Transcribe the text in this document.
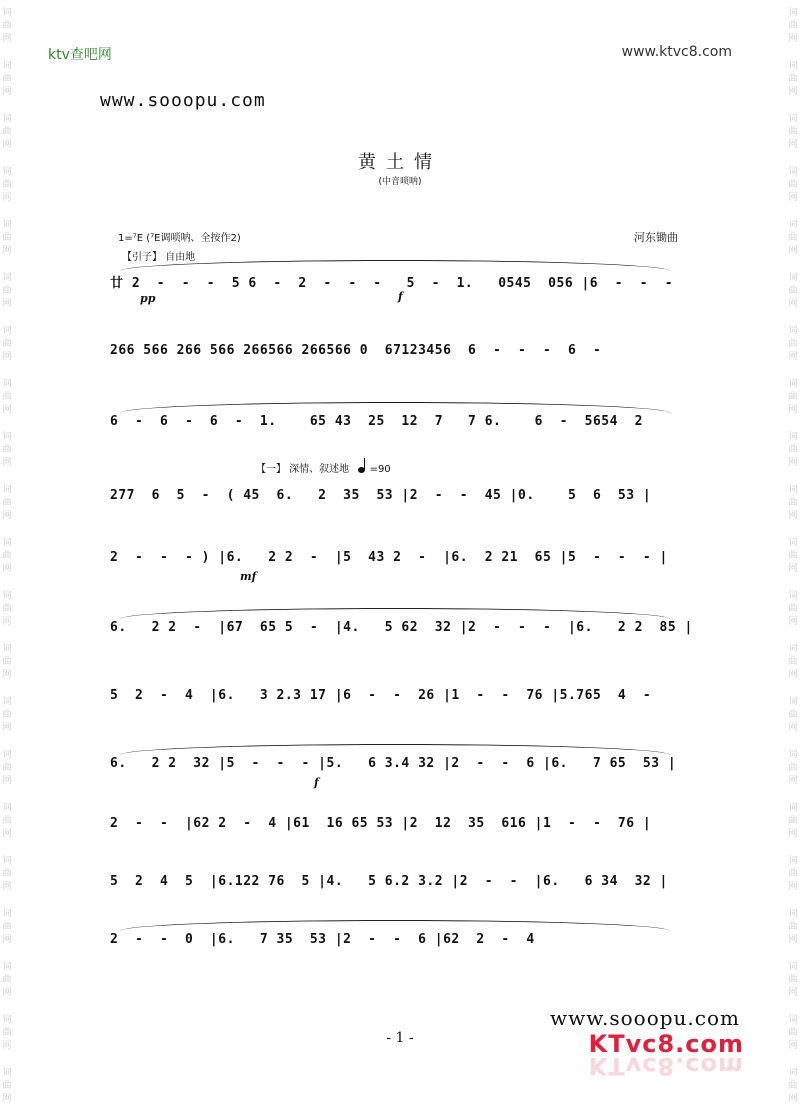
词
曲
网
词
曲
网
词
曲
网
词
曲
网
词
曲
网
词
曲
网
词
曲
网
词
曲
网
词
曲
网
词
曲
网
词
曲
网
词
曲
网
词
曲
网
词
曲
网
词
曲
网
词
曲
网
词
曲
网
词
曲
网
词
曲
网
词
曲
网
词
曲
网
词
曲
网
词
曲
网
词
曲
网
词
曲
网
词
曲
网
词
曲
网
词
曲
网
词
曲
网
词
曲
网
词
曲
网
词
曲
网
词
曲
网
词
曲
网
词
曲
网
词
曲
网
词
曲
网
词
曲
网
词
曲
网
词
曲
网
词
曲
网
词
曲
网
ktv查吧网	www.ktvc8.com
www.sooopu.com
黄土情
(中音唢呐)
1=⁷E (⁷E调唢呐、全按作2)	河东锄曲
【引子】 自由地
廿 2  -  -  -  5 6  -  2  -  -  -   5  -  1.   0545  056 |6  -  -  -
pp	f
266 566 266 566 266566 266566 0  67123456  6  -  -  -  6  -
6  -  6  -  6  -  1.    65 43  25  12  7   7 6.    6  -  5654  2
【一】 深情、叙述地 =90
277  6  5  -  ( 45  6.   2  35  53 |2  -  -  45 |0.    5  6  53 |
2  -  -  - ) |6.   2 2  -  |5  43 2  -  |6.  2 21  65 |5  -  -  - |
mf
6.   2 2  -  |67  65 5  -  |4.   5 62  32 |2  -  -  -  |6.   2 2  85 |
5  2  -  4  |6.   3 2.3 17 |6  -  -  26 |1  -  -  76 |5.765  4  -
6.   2 2  32 |5  -  -  - |5.   6 3.4 32 |2  -  -  6 |6.   7 65  53 |
f
2  -  -  |62 2  -  4 |61  16 65 53 |2  12  35  616 |1  -  -  76 |
5  2  4  5  |6.122 76  5 |4.   5 6.2 3.2 |2  -  -  |6.   6 34  32 |
2  -  -  0  |6.   7 35  53 |2  -  -  6 |62  2  -  4
www.sooopu.com
- 1 -	KTvc8.com
KTvc8.com
